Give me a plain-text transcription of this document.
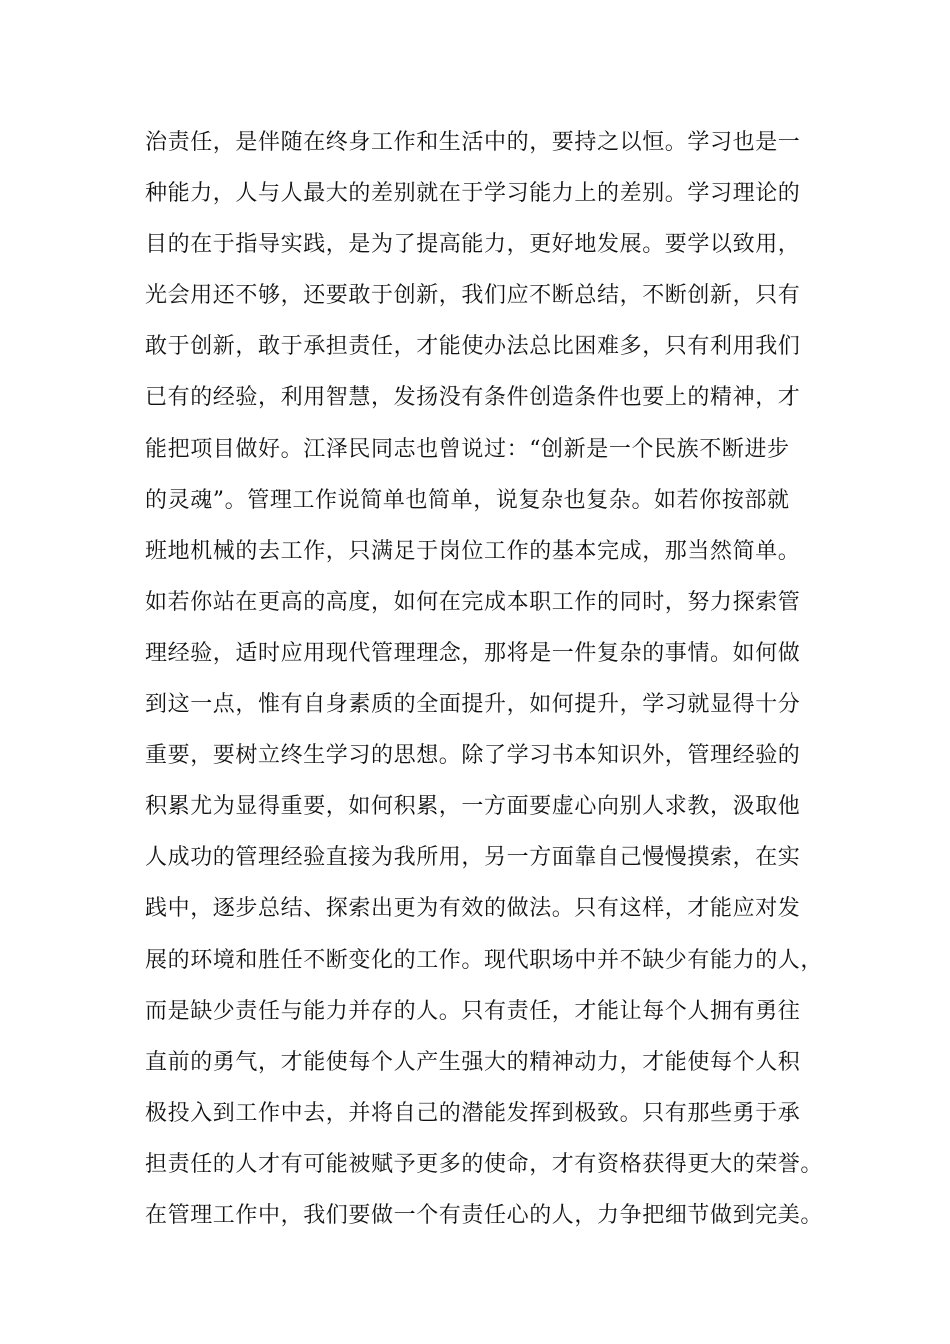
治责任，是伴随在终身工作和生活中的，要持之以恒。学习也是一
种能力，人与人最大的差别就在于学习能力上的差别。学习理论的
目的在于指导实践，是为了提高能力，更好地发展。要学以致用，
光会用还不够，还要敢于创新，我们应不断总结，不断创新，只有
敢于创新，敢于承担责任，才能使办法总比困难多，只有利用我们
已有的经验，利用智慧，发扬没有条件创造条件也要上的精神，才
能把项目做好。江泽民同志也曾说过：“创新是一个民族不断进步
的灵魂”。管理工作说简单也简单，说复杂也复杂。如若你按部就
班地机械的去工作，只满足于岗位工作的基本完成，那当然简单。
如若你站在更高的高度，如何在完成本职工作的同时，努力探索管
理经验，适时应用现代管理理念，那将是一件复杂的事情。如何做
到这一点，惟有自身素质的全面提升，如何提升，学习就显得十分
重要，要树立终生学习的思想。除了学习书本知识外，管理经验的
积累尤为显得重要，如何积累，一方面要虚心向别人求教，汲取他
人成功的管理经验直接为我所用，另一方面靠自己慢慢摸索，在实
践中，逐步总结、探索出更为有效的做法。只有这样，才能应对发
展的环境和胜任不断变化的工作。现代职场中并不缺少有能力的人，
而是缺少责任与能力并存的人。只有责任，才能让每个人拥有勇往
直前的勇气，才能使每个人产生强大的精神动力，才能使每个人积
极投入到工作中去，并将自己的潜能发挥到极致。只有那些勇于承
担责任的人才有可能被赋予更多的使命，才有资格获得更大的荣誉。
在管理工作中，我们要做一个有责任心的人，力争把细节做到完美。
